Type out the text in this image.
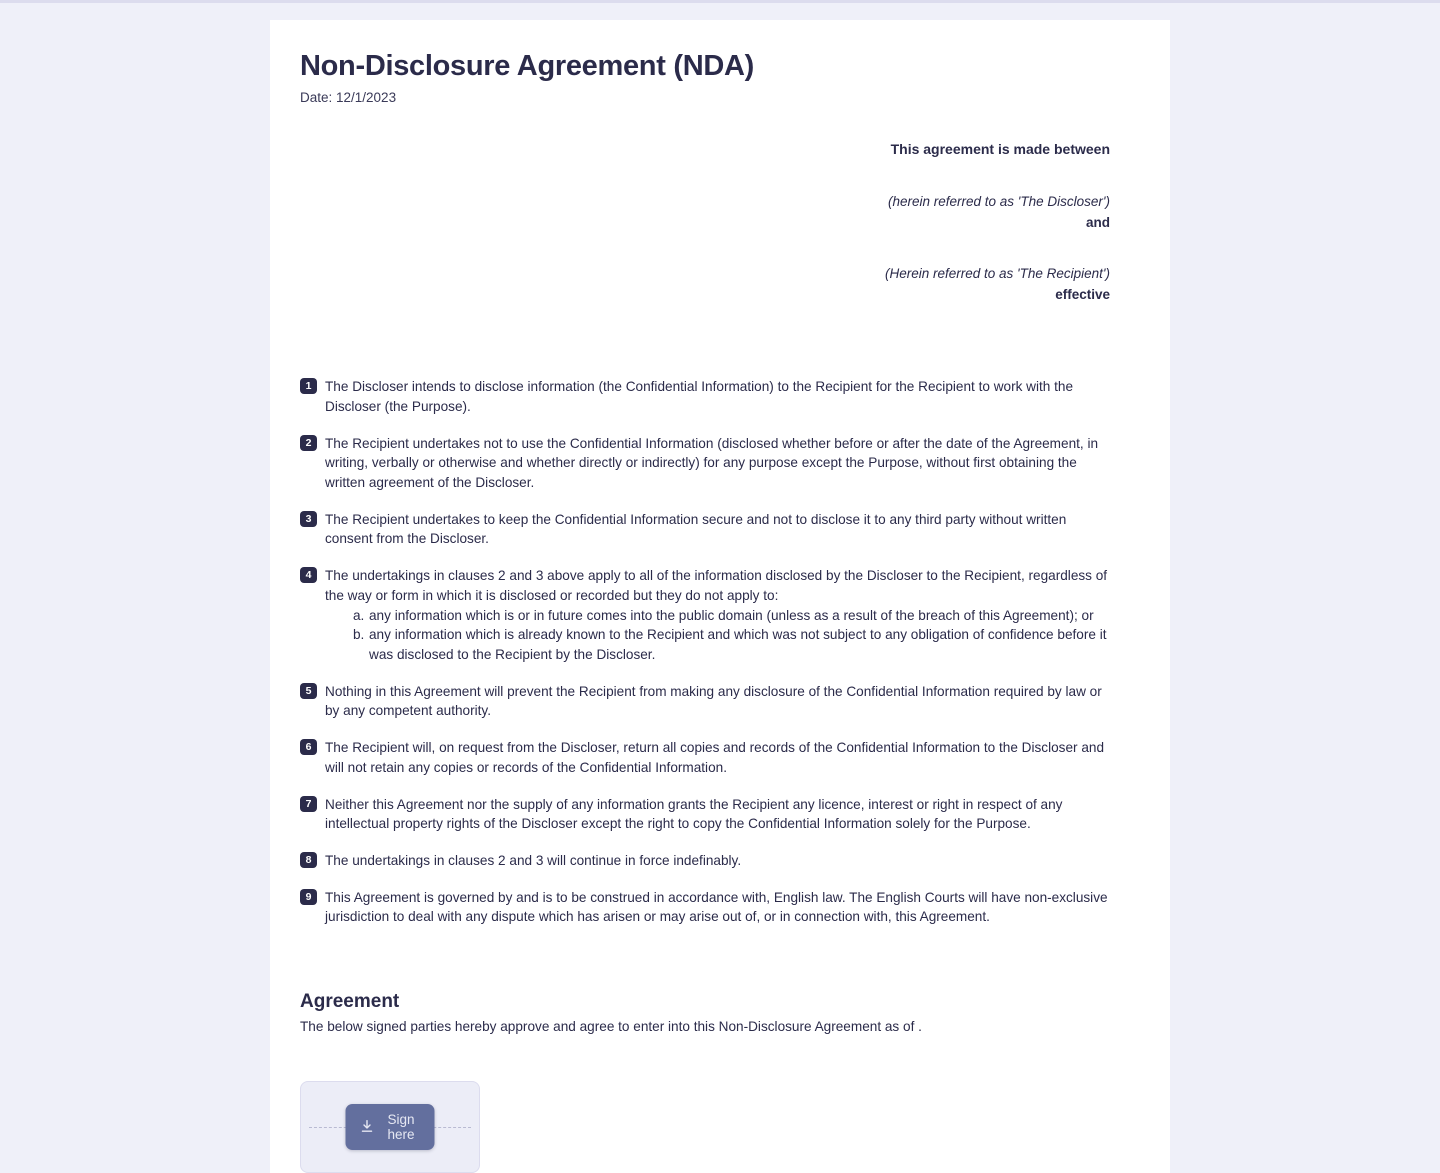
Non-Disclosure Agreement (NDA)

Date: 12/1/2023

This agreement is made between
(herein referred to as 'The Discloser')
and
(Herein referred to as 'The Recipient')
effective
1 The Discloser intends to disclose information (the Confidential Information) to the Recipient for the Recipient to work with the Discloser (the Purpose).
2 The Recipient undertakes not to use the Confidential Information (disclosed whether before or after the date of the Agreement, in writing, verbally or otherwise and whether directly or indirectly) for any purpose except the Purpose, without first obtaining the written agreement of the Discloser.
3 The Recipient undertakes to keep the Confidential Information secure and not to disclose it to any third party without written consent from the Discloser.
4 The undertakings in clauses 2 and 3 above apply to all of the information disclosed by the Discloser to the Recipient, regardless of the way or form in which it is disclosed or recorded but they do not apply to:
a. any information which is or in future comes into the public domain (unless as a result of the breach of this Agreement); or
b. any information which is already known to the Recipient and which was not subject to any obligation of confidence before it was disclosed to the Recipient by the Discloser.
5 Nothing in this Agreement will prevent the Recipient from making any disclosure of the Confidential Information required by law or by any competent authority.
6 The Recipient will, on request from the Discloser, return all copies and records of the Confidential Information to the Discloser and will not retain any copies or records of the Confidential Information.
7 Neither this Agreement nor the supply of any information grants the Recipient any licence, interest or right in respect of any intellectual property rights of the Discloser except the right to copy the Confidential Information solely for the Purpose.
8 The undertakings in clauses 2 and 3 will continue in force indefinably.
9 This Agreement is governed by and is to be construed in accordance with, English law. The English Courts will have non-exclusive jurisdiction to deal with any dispute which has arisen or may arise out of, or in connection with, this Agreement.
Agreement

The below signed parties hereby approve and agree to enter into this Non-Disclosure Agreement as of .

Sign here
